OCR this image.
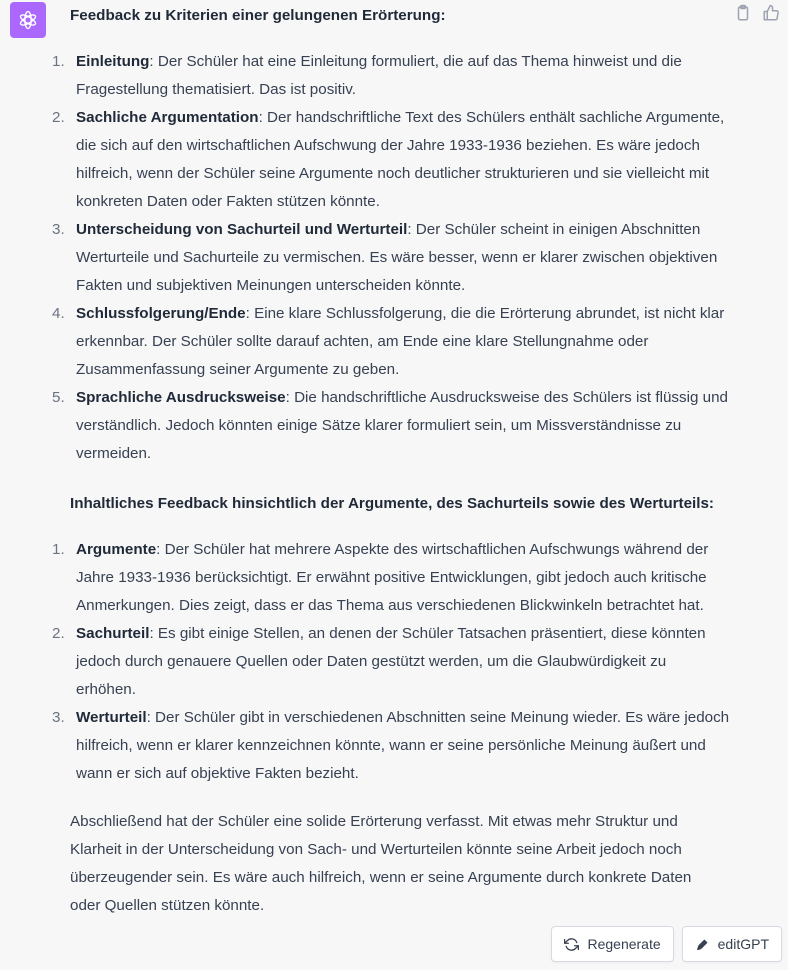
Feedback zu Kriterien einer gelungenen Erörterung:

1. Einleitung: Der Schüler hat eine Einleitung formuliert, die auf das Thema hinweist und die Fragestellung thematisiert. Das ist positiv.
2. Sachliche Argumentation: Der handschriftliche Text des Schülers enthält sachliche Argumente, die sich auf den wirtschaftlichen Aufschwung der Jahre 1933-1936 beziehen. Es wäre jedoch hilfreich, wenn der Schüler seine Argumente noch deutlicher strukturieren und sie vielleicht mit konkreten Daten oder Fakten stützen könnte.
3. Unterscheidung von Sachurteil und Werturteil: Der Schüler scheint in einigen Abschnitten Werturteile und Sachurteile zu vermischen. Es wäre besser, wenn er klarer zwischen objektiven Fakten und subjektiven Meinungen unterscheiden könnte.
4. Schlussfolgerung/Ende: Eine klare Schlussfolgerung, die die Erörterung abrundet, ist nicht klar erkennbar. Der Schüler sollte darauf achten, am Ende eine klare Stellungnahme oder Zusammenfassung seiner Argumente zu geben.
5. Sprachliche Ausdrucksweise: Die handschriftliche Ausdrucksweise des Schülers ist flüssig und verständlich. Jedoch könnten einige Sätze klarer formuliert sein, um Missverständnisse zu vermeiden.

Inhaltliches Feedback hinsichtlich der Argumente, des Sachurteils sowie des Werturteils:

1. Argumente: Der Schüler hat mehrere Aspekte des wirtschaftlichen Aufschwungs während der Jahre 1933-1936 berücksichtigt. Er erwähnt positive Entwicklungen, gibt jedoch auch kritische Anmerkungen. Dies zeigt, dass er das Thema aus verschiedenen Blickwinkeln betrachtet hat.
2. Sachurteil: Es gibt einige Stellen, an denen der Schüler Tatsachen präsentiert, diese könnten jedoch durch genauere Quellen oder Daten gestützt werden, um die Glaubwürdigkeit zu erhöhen.
3. Werturteil: Der Schüler gibt in verschiedenen Abschnitten seine Meinung wieder. Es wäre jedoch hilfreich, wenn er klarer kennzeichnen könnte, wann er seine persönliche Meinung äußert und wann er sich auf objektive Fakten bezieht.

Abschließend hat der Schüler eine solide Erörterung verfasst. Mit etwas mehr Struktur und Klarheit in der Unterscheidung von Sach- und Werturteilen könnte seine Arbeit jedoch noch überzeugender sein. Es wäre auch hilfreich, wenn er seine Argumente durch konkrete Daten oder Quellen stützen könnte.

Regenerate	editGPT
